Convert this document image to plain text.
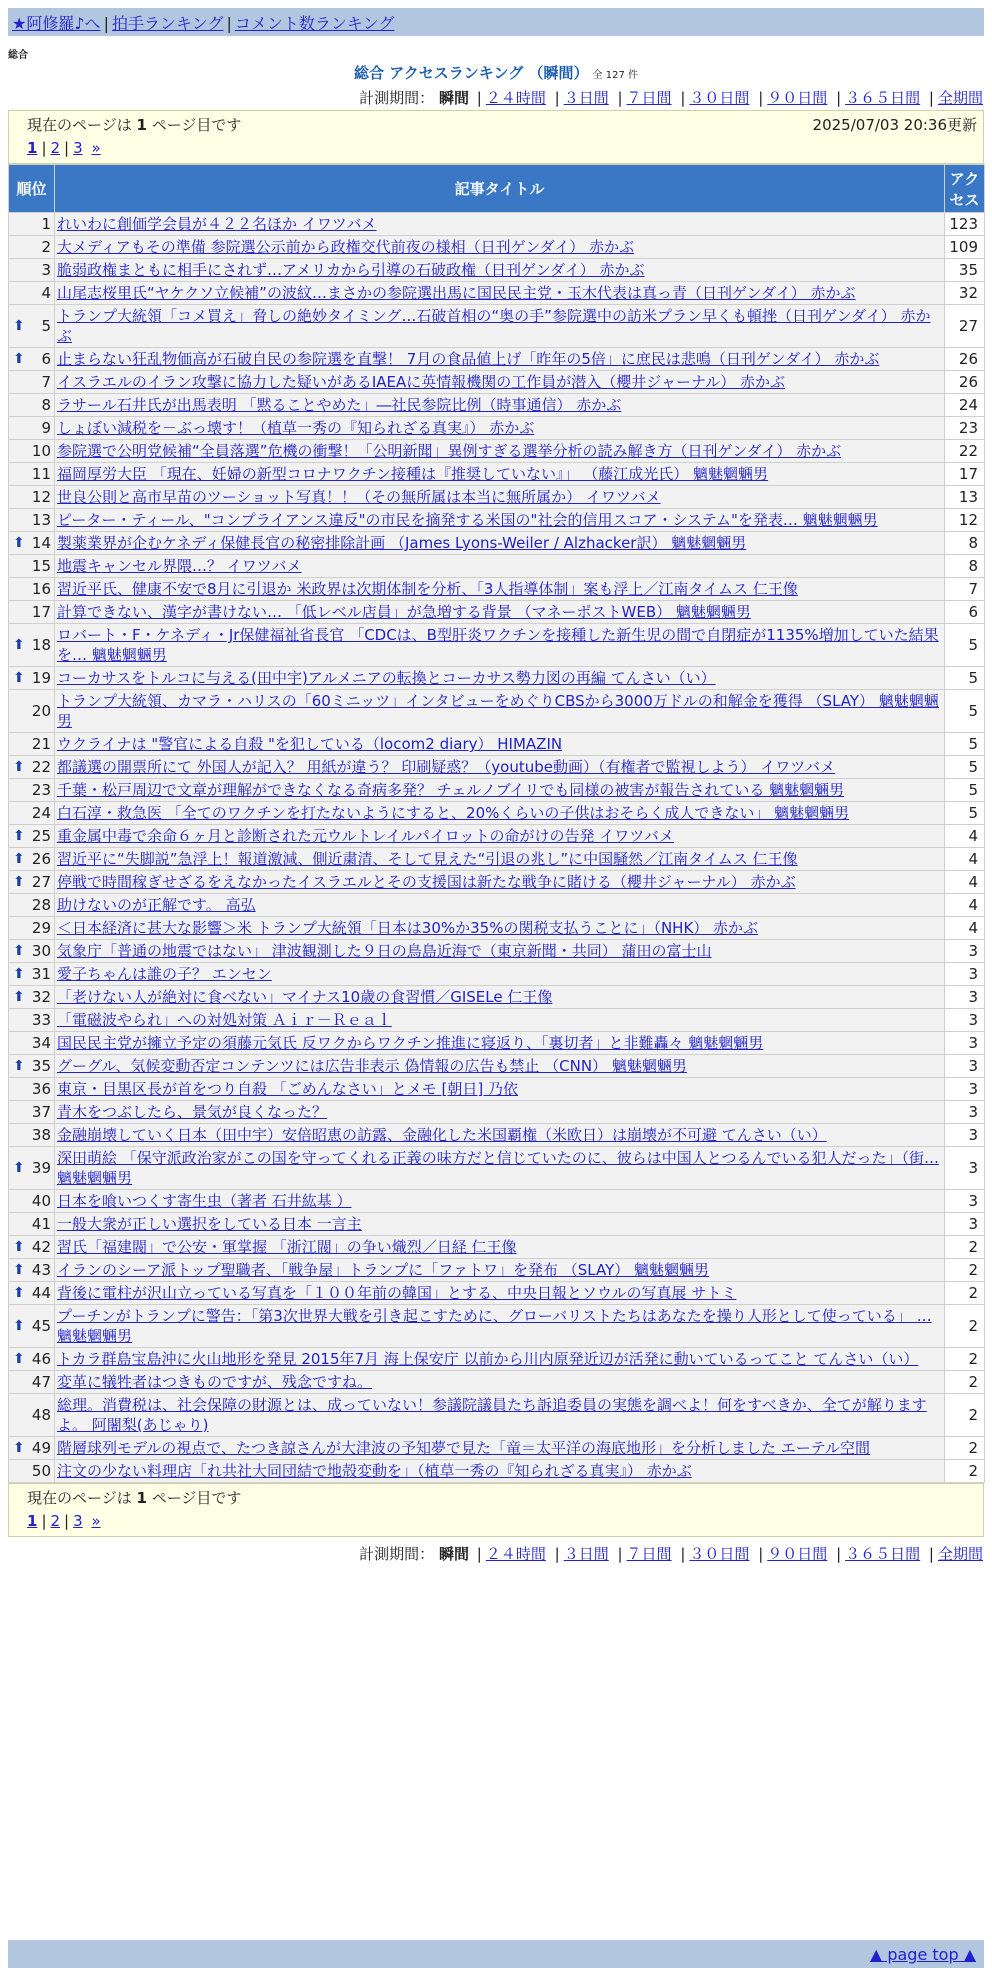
★阿修羅♪へ | 拍手ランキング | コメント数ランキング
総合
総合 アクセスランキング （瞬間） 全 127 件
計測期間： 瞬間 | ２４時間 | ３日間 | ７日間 | ３０日間 | ９０日間 | ３６５日間 | 全期間
現在のページは 1 ページ目です	2025/07/03 20:36更新
1 | 2 | 3 »
順位	記事タイトル	アクセス
1	れいわに創価学会員が４２２名ほか イワツバメ	123
2	大メディアもその準備 参院選公示前から政権交代前夜の様相（日刊ゲンダイ） 赤かぶ	109
3	脆弱政権まともに相手にされず…アメリカから引導の石破政権（日刊ゲンダイ） 赤かぶ	35
4	山尾志桜里氏“ヤケクソ立候補”の波紋…まさかの参院選出馬に国民民主党・玉木代表は真っ青（日刊ゲンダイ） 赤かぶ	32

⬆ 5	トランプ大統領「コメ買え」脅しの絶妙タイミング…石破首相の“奥の手”参院選中の訪米プラン早くも頓挫（日刊ゲンダイ） 赤かぶ	27

⬆ 6	止まらない狂乱物価高が石破自民の参院選を直撃！ 7月の食品値上げ「昨年の5倍」に庶民は悲鳴（日刊ゲンダイ） 赤かぶ	26
7	イスラエルのイラン攻撃に協力した疑いがあるIAEAに英情報機関の工作員が潜入（櫻井ジャーナル） 赤かぶ	26
8	ラサール石井氏が出馬表明 「黙ることやめた」―社民参院比例（時事通信） 赤かぶ	24
9	しょぼい減税を－ぶっ壊す！（植草一秀の『知られざる真実』） 赤かぶ	23
10	参院選で公明党候補“全員落選”危機の衝撃！「公明新聞」異例すぎる選挙分析の読み解き方（日刊ゲンダイ） 赤かぶ	22
11	福岡厚労大臣 「現在、妊婦の新型コロナワクチン接種は『推奨していない』」 （藤江成光氏） 魑魅魍魎男	17
12	世良公則と高市早苗のツーショット写真！！（その無所属は本当に無所属か） イワツバメ	13
13	ピーター・ティール、"コンプライアンス違反"の市民を摘発する米国の"社会的信用スコア・システム"を発表… 魑魅魍魎男	12

⬆ 14	製薬業界が企むケネディ保健長官の秘密排除計画 （James Lyons-Weiler / Alzhacker訳） 魑魅魍魎男	8
15	地震キャンセル界隈…？ イワツバメ	8
16	習近平氏、健康不安で8月に引退か 米政界は次期体制を分析、「3人指導体制」案も浮上／江南タイムス 仁王像	7
17	計算できない、漢字が書けない… 「低レベル店員」が急増する背景 （マネーポストWEB） 魑魅魍魎男	6

⬆ 18	ロバート・F・ケネディ・Jr保健福祉省長官 「CDCは、B型肝炎ワクチンを接種した新生児の間で自閉症が1135%増加していた結果を… 魑魅魍魎男	5

⬆ 19	コーカサスをトルコに与える(田中宇)アルメニアの転換とコーカサス勢力図の再編 てんさい（い）	5
20	トランプ大統領、カマラ・ハリスの「60ミニッツ」インタビューをめぐりCBSから3000万ドルの和解金を獲得 （SLAY） 魑魅魍魎男	5
21	ウクライナは "警官による自殺 "を犯している（locom2 diary） HIMAZIN	5

⬆ 22	都議選の開票所にて 外国人が記入？ 用紙が違う？ 印刷疑惑？（youtube動画）（有権者で監視しよう） イワツバメ	5
23	千葉・松戸周辺で文章が理解ができなくなる奇病多発？ チェルノブイリでも同様の被害が報告されている 魑魅魍魎男	5
24	白石淳・救急医 「全てのワクチンを打たないようにすると、20%くらいの子供はおそらく成人できない」 魑魅魍魎男	5

⬆ 25	重金属中毒で余命６ヶ月と診断された元ウルトレイルパイロットの命がけの告発 イワツバメ	4

⬆ 26	習近平に“失脚説”急浮上！報道激減、側近粛清、そして見えた“引退の兆し”に中国騒然／江南タイムス 仁王像	4

⬆ 27	停戦で時間稼ぎせざるをえなかったイスラエルとその支援国は新たな戦争に賭ける（櫻井ジャーナル） 赤かぶ	4
28	助けないのが正解です。 高弘	4
29	＜日本経済に甚大な影響＞米 トランプ大統領「日本は30%か35%の関税支払うことに」（NHK） 赤かぶ	4

⬆ 30	気象庁「普通の地震ではない」 津波観測した９日の鳥島近海で（東京新聞・共同） 蒲田の富士山	3

⬆ 31	愛子ちゃんは誰の子？ エンセン	3

⬆ 32	「老けない人が絶対に食べない」マイナス10歳の食習慣／GISELe 仁王像	3
33	「電磁波やられ」への対処対策 Ａｉｒ－Ｒｅａｌ	3
34	国民民主党が擁立予定の須藤元気氏 反ワクからワクチン推進に寝返り、「裏切者」と非難轟々 魑魅魍魎男	3

⬆ 35	グーグル、気候変動否定コンテンツには広告非表示 偽情報の広告も禁止 （CNN） 魑魅魍魎男	3
36	東京・目黒区長が首をつり自殺 「ごめんなさい」とメモ [朝日] 乃依	3
37	青木をつぶしたら、景気が良くなった？	3
38	金融崩壊していく日本（田中宇）安倍昭恵の訪露、金融化した米国覇権（米欧日）は崩壊が不可避 てんさい（い）	3

⬆ 39	深田萌絵 「保守派政治家がこの国を守ってくれる正義の味方だと信じていたのに、彼らは中国人とつるんでいる犯人だった」（街… 魑魅魍魎男	3
40	日本を喰いつくす寄生虫（著者 石井紘基 ）	3
41	一般大衆が正しい選択をしている日本 一言主	3

⬆ 42	習氏「福建閥」で公安・軍掌握 「浙江閥」の争い熾烈／日経 仁王像	2

⬆ 43	イランのシーア派トップ聖職者、「戦争屋」トランプに「ファトワ」を発布 （SLAY） 魑魅魍魎男	2

⬆ 44	背後に電柱が沢山立っている写真を「１００年前の韓国」とする、中央日報とソウルの写真展 サトミ	2

⬆ 45	プーチンがトランプに警告：「第3次世界大戦を引き起こすために、グローバリストたちはあなたを操り人形として使っている」 … 魑魅魍魎男	2

⬆ 46	トカラ群島宝島沖に火山地形を発見 2015年7月 海上保安庁 以前から川内原発近辺が活発に動いているってこと てんさい（い）	2
47	変革に犠牲者はつきものですが、残念ですね。	2
48	総理。消費税は、社会保障の財源とは、成っていない！参議院議員たち訴追委員の実態を調べよ！何をすべきか、全てが解りますよ。 阿闍梨(あじゃり)	2

⬆ 49	階層球列モデルの視点で、たつき諒さんが大津波の予知夢で見た「竜＝太平洋の海底地形」を分析しました エーテル空間	2
50	注文の少ない料理店「れ共社大同団結で地殻変動を」（植草一秀の『知られざる真実』） 赤かぶ	2
現在のページは 1 ページ目です
1 | 2 | 3 »
計測期間： 瞬間 | ２４時間 | ３日間 | ７日間 | ３０日間 | ９０日間 | ３６５日間 | 全期間
▲ page top ▲
